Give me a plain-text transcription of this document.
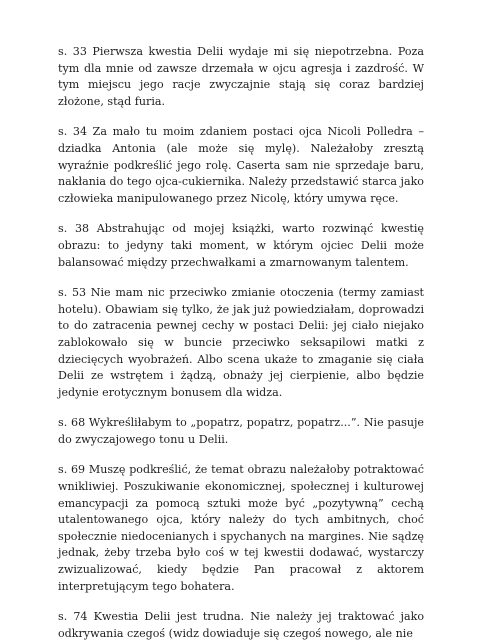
s. 33 Pierwsza kwestia Delii wydaje mi się niepotrzebna. Poza tym dla mnie od zawsze drzemała w ojcu agresja i zazdrość. W tym miejscu jego racje zwyczajnie stają się coraz bardziej złożone, stąd furia.

s. 34 Za mało tu moim zdaniem postaci ojca Nicoli Polledra – dziadka Antonia (ale może się mylę). Należałoby zresztą wyraźnie podkreślić jego rolę. Caserta sam nie sprzedaje baru, nakłania do tego ojca-cukiernika. Należy przedstawić starca jako człowieka manipulowanego przez Nicolę, który umywa ręce.

s. 38 Abstrahując od mojej książki, warto rozwinąć kwestię obrazu: to jedyny taki moment, w którym ojciec Delii może balansować między przechwałkami a zmarnowanym talentem.

s. 53 Nie mam nic przeciwko zmianie otoczenia (termy zamiast hotelu). Obawiam się tylko, że jak już powiedziałam, doprowadzi to do zatracenia pewnej cechy w postaci Delii: jej ciało niejako zablokowało się w buncie przeciwko seksapilowi matki z dziecięcych wyobrażeń. Albo scena ukaże to zmaganie się ciała Delii ze wstrętem i żądzą, obnaży jej cierpienie, albo będzie jedynie erotycznym bonusem dla widza.

s. 68 Wykreśliłabym to „popatrz, popatrz, popatrz...”. Nie pasuje do zwyczajowego tonu u Delii.

s. 69 Muszę podkreślić, że temat obrazu należałoby potraktować wnikliwiej. Poszukiwanie ekonomicznej, społecznej i kulturowej emancypacji za pomocą sztuki może być „pozytywną” cechą utalentowanego ojca, który należy do tych ambitnych, choć społecznie niedocenianych i spychanych na margines. Nie sądzę jednak, żeby trzeba było coś w tej kwestii dodawać, wystarczy zwizualizować, kiedy będzie Pan pracował z aktorem interpretującym tego bohatera.

s. 74 Kwestia Delii jest trudna. Nie należy jej traktować jako odkrywania czegoś (widz dowiaduje się czegoś nowego, ale nie
